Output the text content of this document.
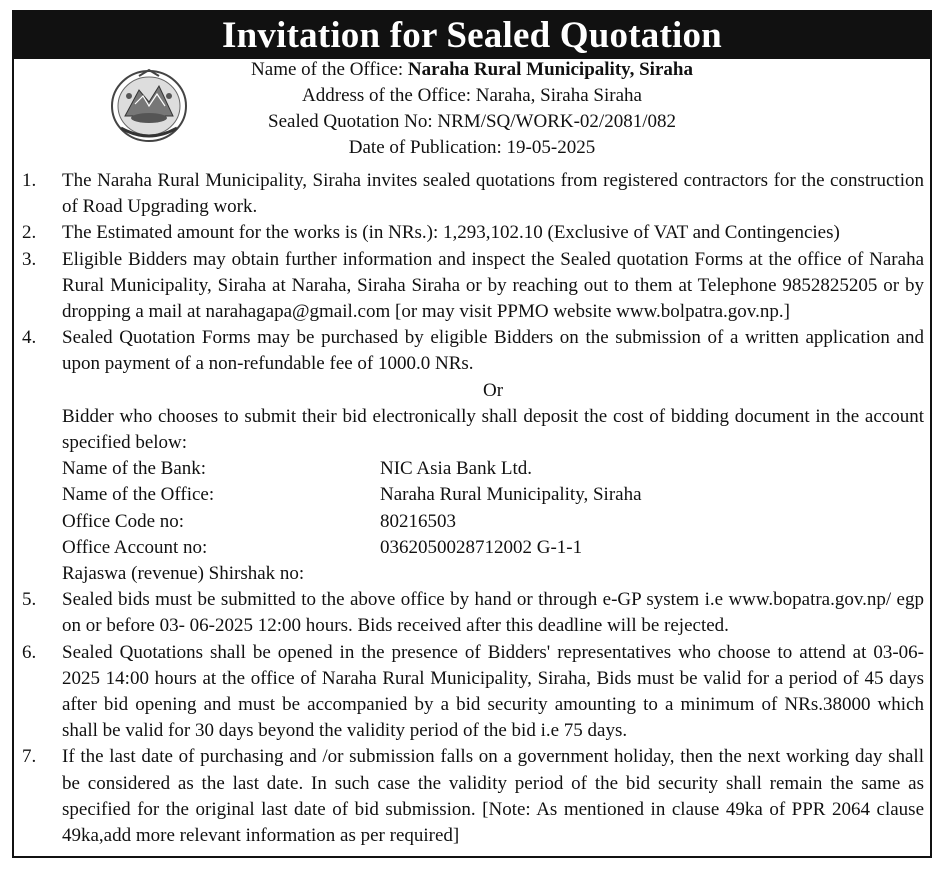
Invitation for Sealed Quotation
Name of the Office: Naraha Rural Municipality, Siraha
Address of the Office: Naraha, Siraha Siraha
Sealed Quotation No: NRM/SQ/WORK-02/2081/082
Date of Publication: 19-05-2025
1. The Naraha Rural Municipality, Siraha invites sealed quotations from registered contractors for the construction of Road Upgrading work.
2. The Estimated amount for the works is (in NRs.): 1,293,102.10 (Exclusive of VAT and Contingencies)
3. Eligible Bidders may obtain further information and inspect the Sealed quotation Forms at the office of Naraha Rural Municipality, Siraha at Naraha, Siraha Siraha or by reaching out to them at Telephone 9852825205 or by dropping a mail at narahagapa@gmail.com [or may visit PPMO website www.bolpatra.gov.np.]
4. Sealed Quotation Forms may be purchased by eligible Bidders on the submission of a written application and upon payment of a non-refundable fee of 1000.0 NRs.
Or
Bidder who chooses to submit their bid electronically shall deposit the cost of bidding document in the account specified below:
Name of the Bank:	NIC Asia Bank Ltd.
Name of the Office:	Naraha Rural Municipality, Siraha
Office Code no:	80216503
Office Account no:	0362050028712002 G-1-1
Rajaswa (revenue) Shirshak no:
5. Sealed bids must be submitted to the above office by hand or through e-GP system i.e www.bopatra.gov.np/ egp on or before 03- 06-2025 12:00 hours. Bids received after this deadline will be rejected.
6. Sealed Quotations shall be opened in the presence of Bidders' representatives who choose to attend at 03-06-2025 14:00 hours at the office of Naraha Rural Municipality, Siraha, Bids must be valid for a period of 45 days after bid opening and must be accompanied by a bid security amounting to a minimum of NRs.38000 which shall be valid for 30 days beyond the validity period of the bid i.e 75 days.
7. If the last date of purchasing and /or submission falls on a government holiday, then the next working day shall be considered as the last date. In such case the validity period of the bid security shall remain the same as specified for the original last date of bid submission. [Note: As mentioned in clause 49ka of PPR 2064 clause 49ka,add more relevant information as per required]
